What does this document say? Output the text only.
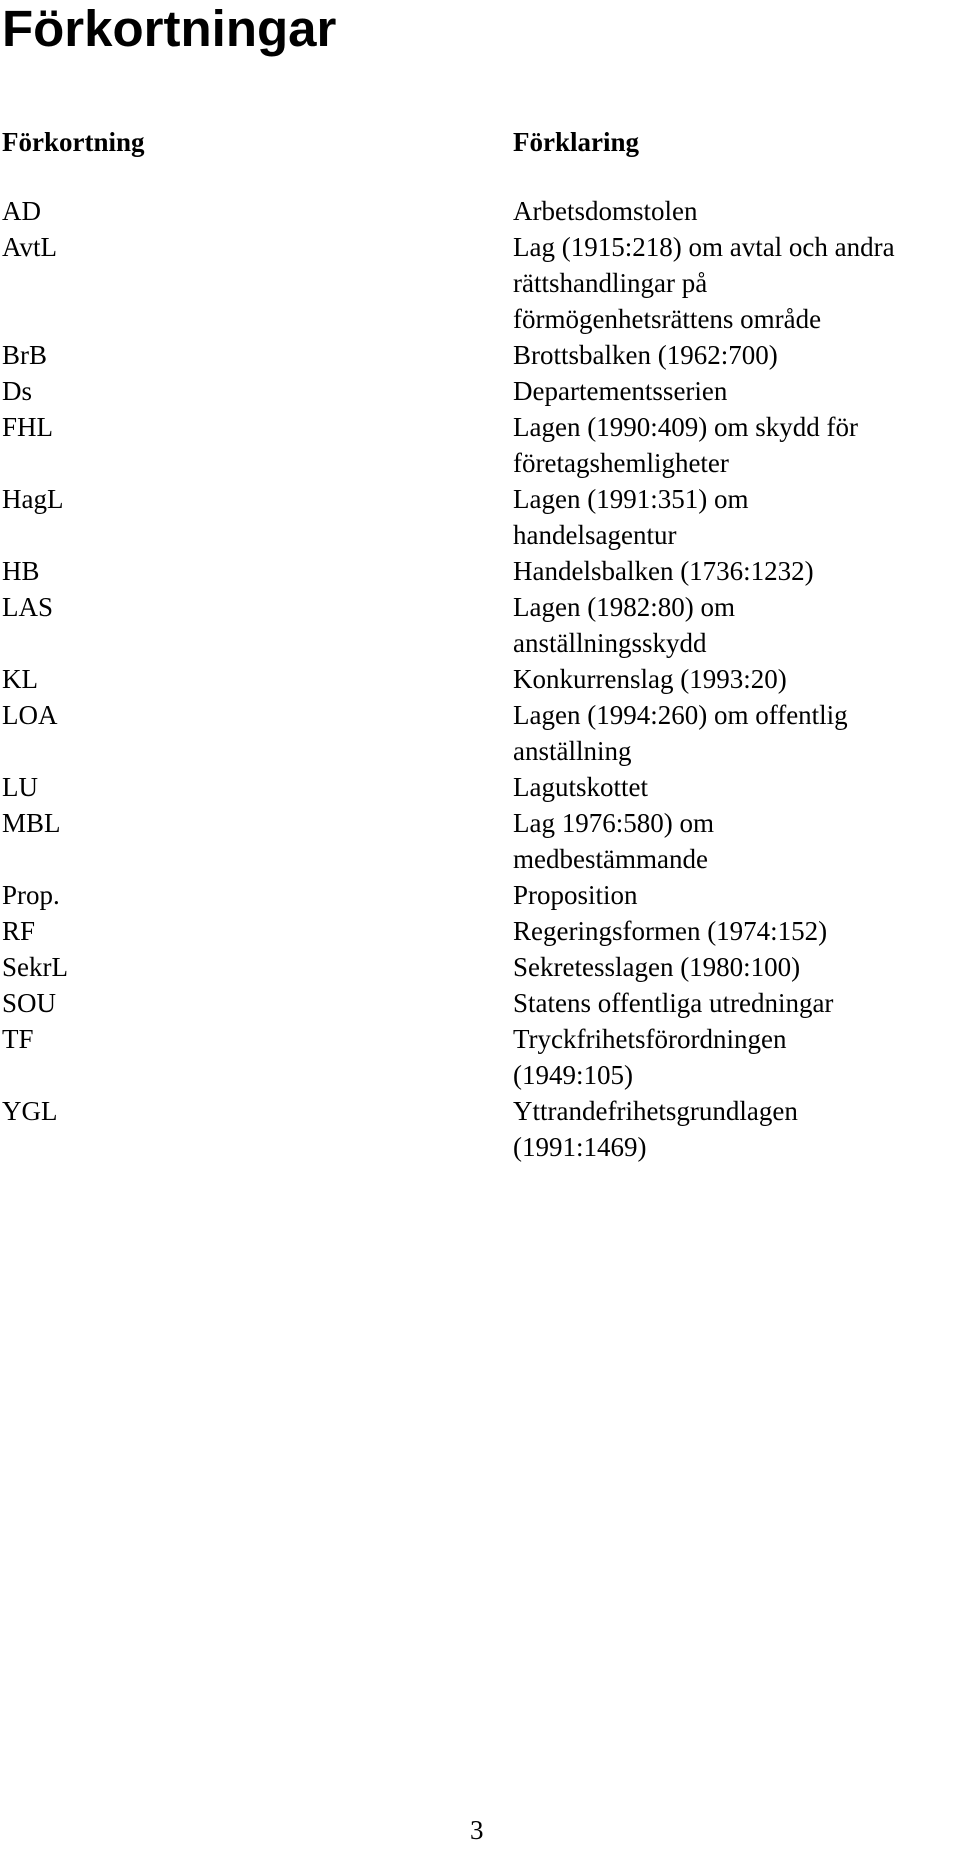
Förkortningar
Förkortning	Förklaring
AD	Arbetsdomstolen
AvtL	Lag (1915:218) om avtal och andra
rättshandlingar på
förmögenhetsrättens område
BrB	Brottsbalken (1962:700)
Ds	Departementsserien
FHL	Lagen (1990:409) om skydd för
företagshemligheter
HagL	Lagen (1991:351) om
handelsagentur
HB	Handelsbalken (1736:1232)
LAS	Lagen (1982:80) om
anställningsskydd
KL	Konkurrenslag (1993:20)
LOA	Lagen (1994:260) om offentlig
anställning
LU	Lagutskottet
MBL	Lag 1976:580) om
medbestämmande
Prop.	Proposition
RF	Regeringsformen (1974:152)
SekrL	Sekretesslagen (1980:100)
SOU	Statens offentliga utredningar
TF	Tryckfrihetsförordningen
(1949:105)
YGL	Yttrandefrihetsgrundlagen
(1991:1469)
3
